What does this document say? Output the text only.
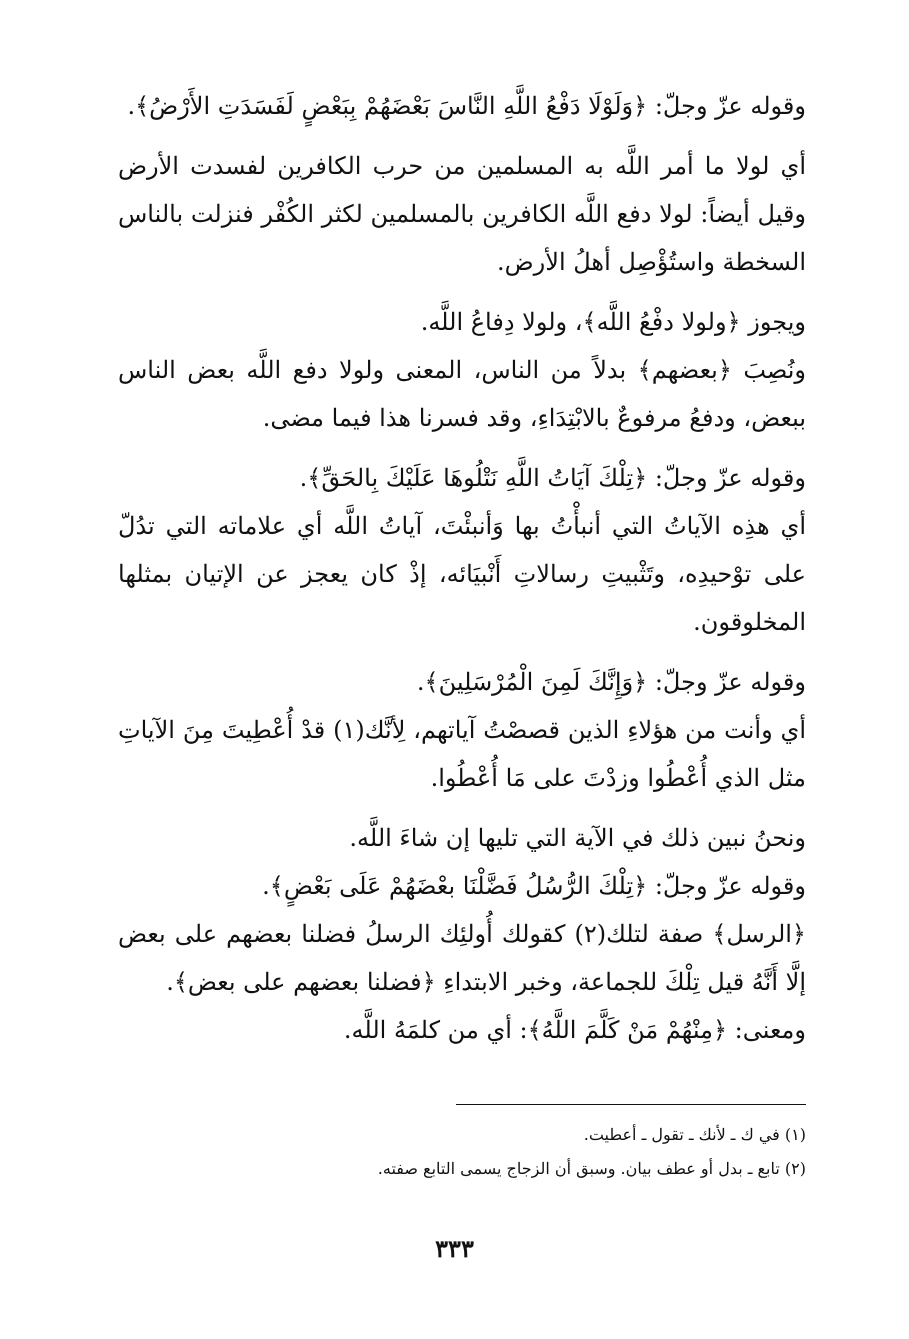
وقوله عزّ وجلّ: ﴿وَلَوْلَا دَفْعُ اللَّهِ النَّاسَ بَعْضَهُمْ بِبَعْضٍ لَفَسَدَتِ الأَرْضُ﴾.

أي لولا ما أمر اللَّه به المسلمين من حرب الكافرين لفسدت الأرض وقيل أيضاً: لولا دفع اللَّه الكافرين بالمسلمين لكثر الكُفْر فنزلت بالناس السخطة واستُؤْصِل أهلُ الأرض.

ويجوز ﴿ولولا دفْعُ اللَّه﴾، ولولا دِفاعُ اللَّه.

ونُصِبَ ﴿بعضهم﴾ بدلاً من الناس، المعنى ولولا دفع اللَّه بعض الناس ببعض، ودفعُ مرفوعٌ بالابْتِدَاءِ، وقد فسرنا هذا فيما مضى.

وقوله عزّ وجلّ: ﴿تِلْكَ آيَاتُ اللَّهِ نَتْلُوهَا عَلَيْكَ بِالحَقِّ﴾.

أي هذِه الآياتُ التي أنبأْتُ بها وَأنبئْتَ، آياتُ اللَّه أي علاماته التي تدُلّ على توْحيدِه، وتَثْبيتِ رسالاتِ أَنْبيَائه، إذْ كان يعجز عن الإتيان بمثلها المخلوقون.

وقوله عزّ وجلّ: ﴿وَإِنَّكَ لَمِنَ الْمُرْسَلِينَ﴾.

أي وأنت من هؤلاءِ الذين قصصْتُ آياتهم، لِأنَّك(١) قدْ أُعْطِيتَ مِنَ الآياتِ مثل الذي أُعْطُوا وزدْتَ على مَا أُعْطُوا.

ونحنُ نبين ذلك في الآية التي تليها إن شاءَ اللَّه.

وقوله عزّ وجلّ: ﴿تِلْكَ الرُّسُلُ فَضَّلْنَا بعْضَهُمْ عَلَى بَعْضٍ﴾.

﴿الرسل﴾ صفة لتلك(٢) كقولك أُولئِك الرسلُ فضلنا بعضهم على بعض إلَّا أَنَّهُ قيل تِلْكَ للجماعة، وخبر الابتداءِ ﴿فضلنا بعضهم على بعض﴾.

ومعنى: ﴿مِنْهُمْ مَنْ كَلَّمَ اللَّهُ﴾: أي من كلمَهُ اللَّه.

(١) في ك ـ لأنك ـ تقول ـ أعطيت.

(٢) تابع ـ بدل أو عطف بيان. وسبق أن الزجاج يسمى التابع صفته.

٣٣٣
